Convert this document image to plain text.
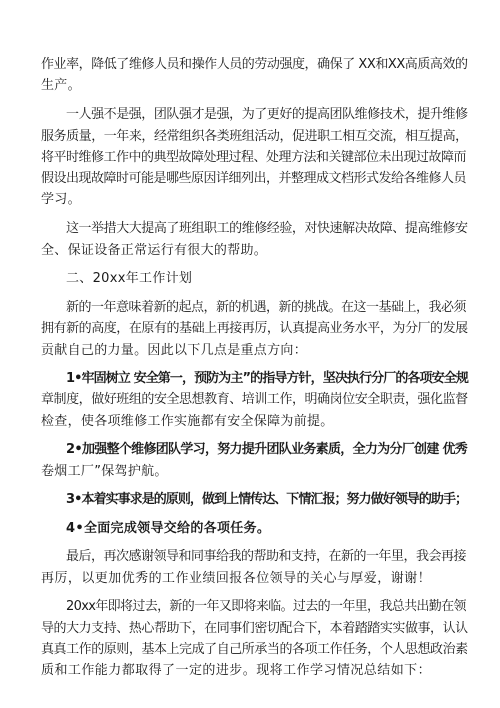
作业率，降低了维修人员和操作人员的劳动强度，确保了 XX和XX高质高效的
生产。
一人强不是强，团队强才是强，为了更好的提高团队维修技术，提升维修
服务质量，一年来，经常组织各类班组活动，促进职工相互交流，相互提高，
将平时维修工作中的典型故障处理过程、处理方法和关键部位未出现过故障而
假设出现故障时可能是哪些原因详细列出，并整理成文档形式发给各维修人员
学习。
这一举措大大提高了班组职工的维修经验，对快速解决故障、提高维修安
全、保证设备正常运行有很大的帮助。
二、20xx年工作计划
新的一年意味着新的起点，新的机遇，新的挑战。在这一基础上，我必须
拥有新的高度，在原有的基础上再接再厉，认真提高业务水平，为分厂的发展
贡献自己的力量。因此以下几点是重点方向：
1•牢固树立 安全第一，预防为主”的指导方针，坚决执行分厂的各项安全规
章制度，做好班组的安全思想教育、培训工作，明确岗位安全职责，强化监督
检查，使各项维修工作实施都有安全保障为前提。
2•加强整个维修团队学习，努力提升团队业务素质，全力为分厂创建 优秀
卷烟工厂”保驾护航。
3•本着实事求是的原则，做到上情传达、下情汇报；努力做好领导的助手；
4•全面完成领导交给的各项任务。
最后，再次感谢领导和同事给我的帮助和支持，在新的一年里，我会再接
再厉，以更加优秀的工作业绩回报各位领导的关心与厚爱，谢谢！
20xx年即将过去，新的一年又即将来临。过去的一年里，我总共出勤在领
导的大力支持、热心帮助下，在同事们密切配合下，本着踏踏实实做事，认认
真真工作的原则，基本上完成了自己所承当的各项工作任务，个人思想政治素
质和工作能力都取得了一定的进步。现将工作学习情况总结如下：
